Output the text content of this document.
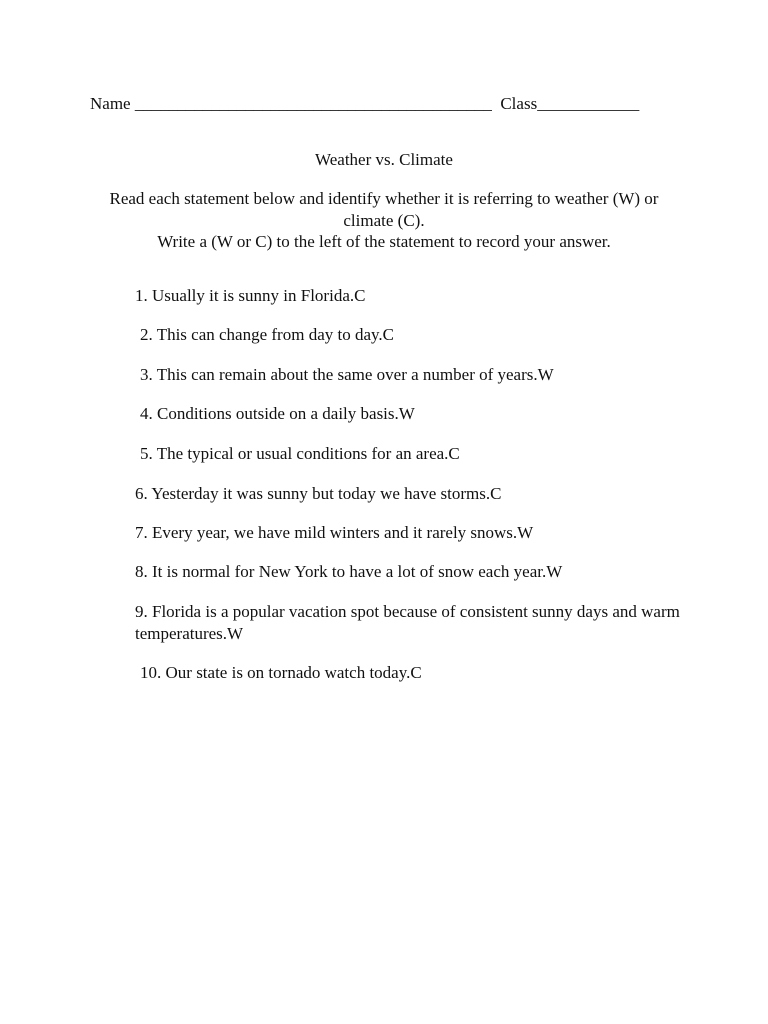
Name __________________________________________ Class____________
Weather vs. Climate

Read each statement below and identify whether it is referring to weather (W) or climate (C).

Write a (W or C) to the left of the statement to record your answer.

1. Usually it is sunny in Florida.C
2. This can change from day to day.C
3. This can remain about the same over a number of years.W
4. Conditions outside on a daily basis.W
5. The typical or usual conditions for an area.C
6. Yesterday it was sunny but today we have storms.C
7. Every year, we have mild winters and it rarely snows.W
8. It is normal for New York to have a lot of snow each year.W
9. Florida is a popular vacation spot because of consistent sunny days and warm temperatures.W
10. Our state is on tornado watch today.C
